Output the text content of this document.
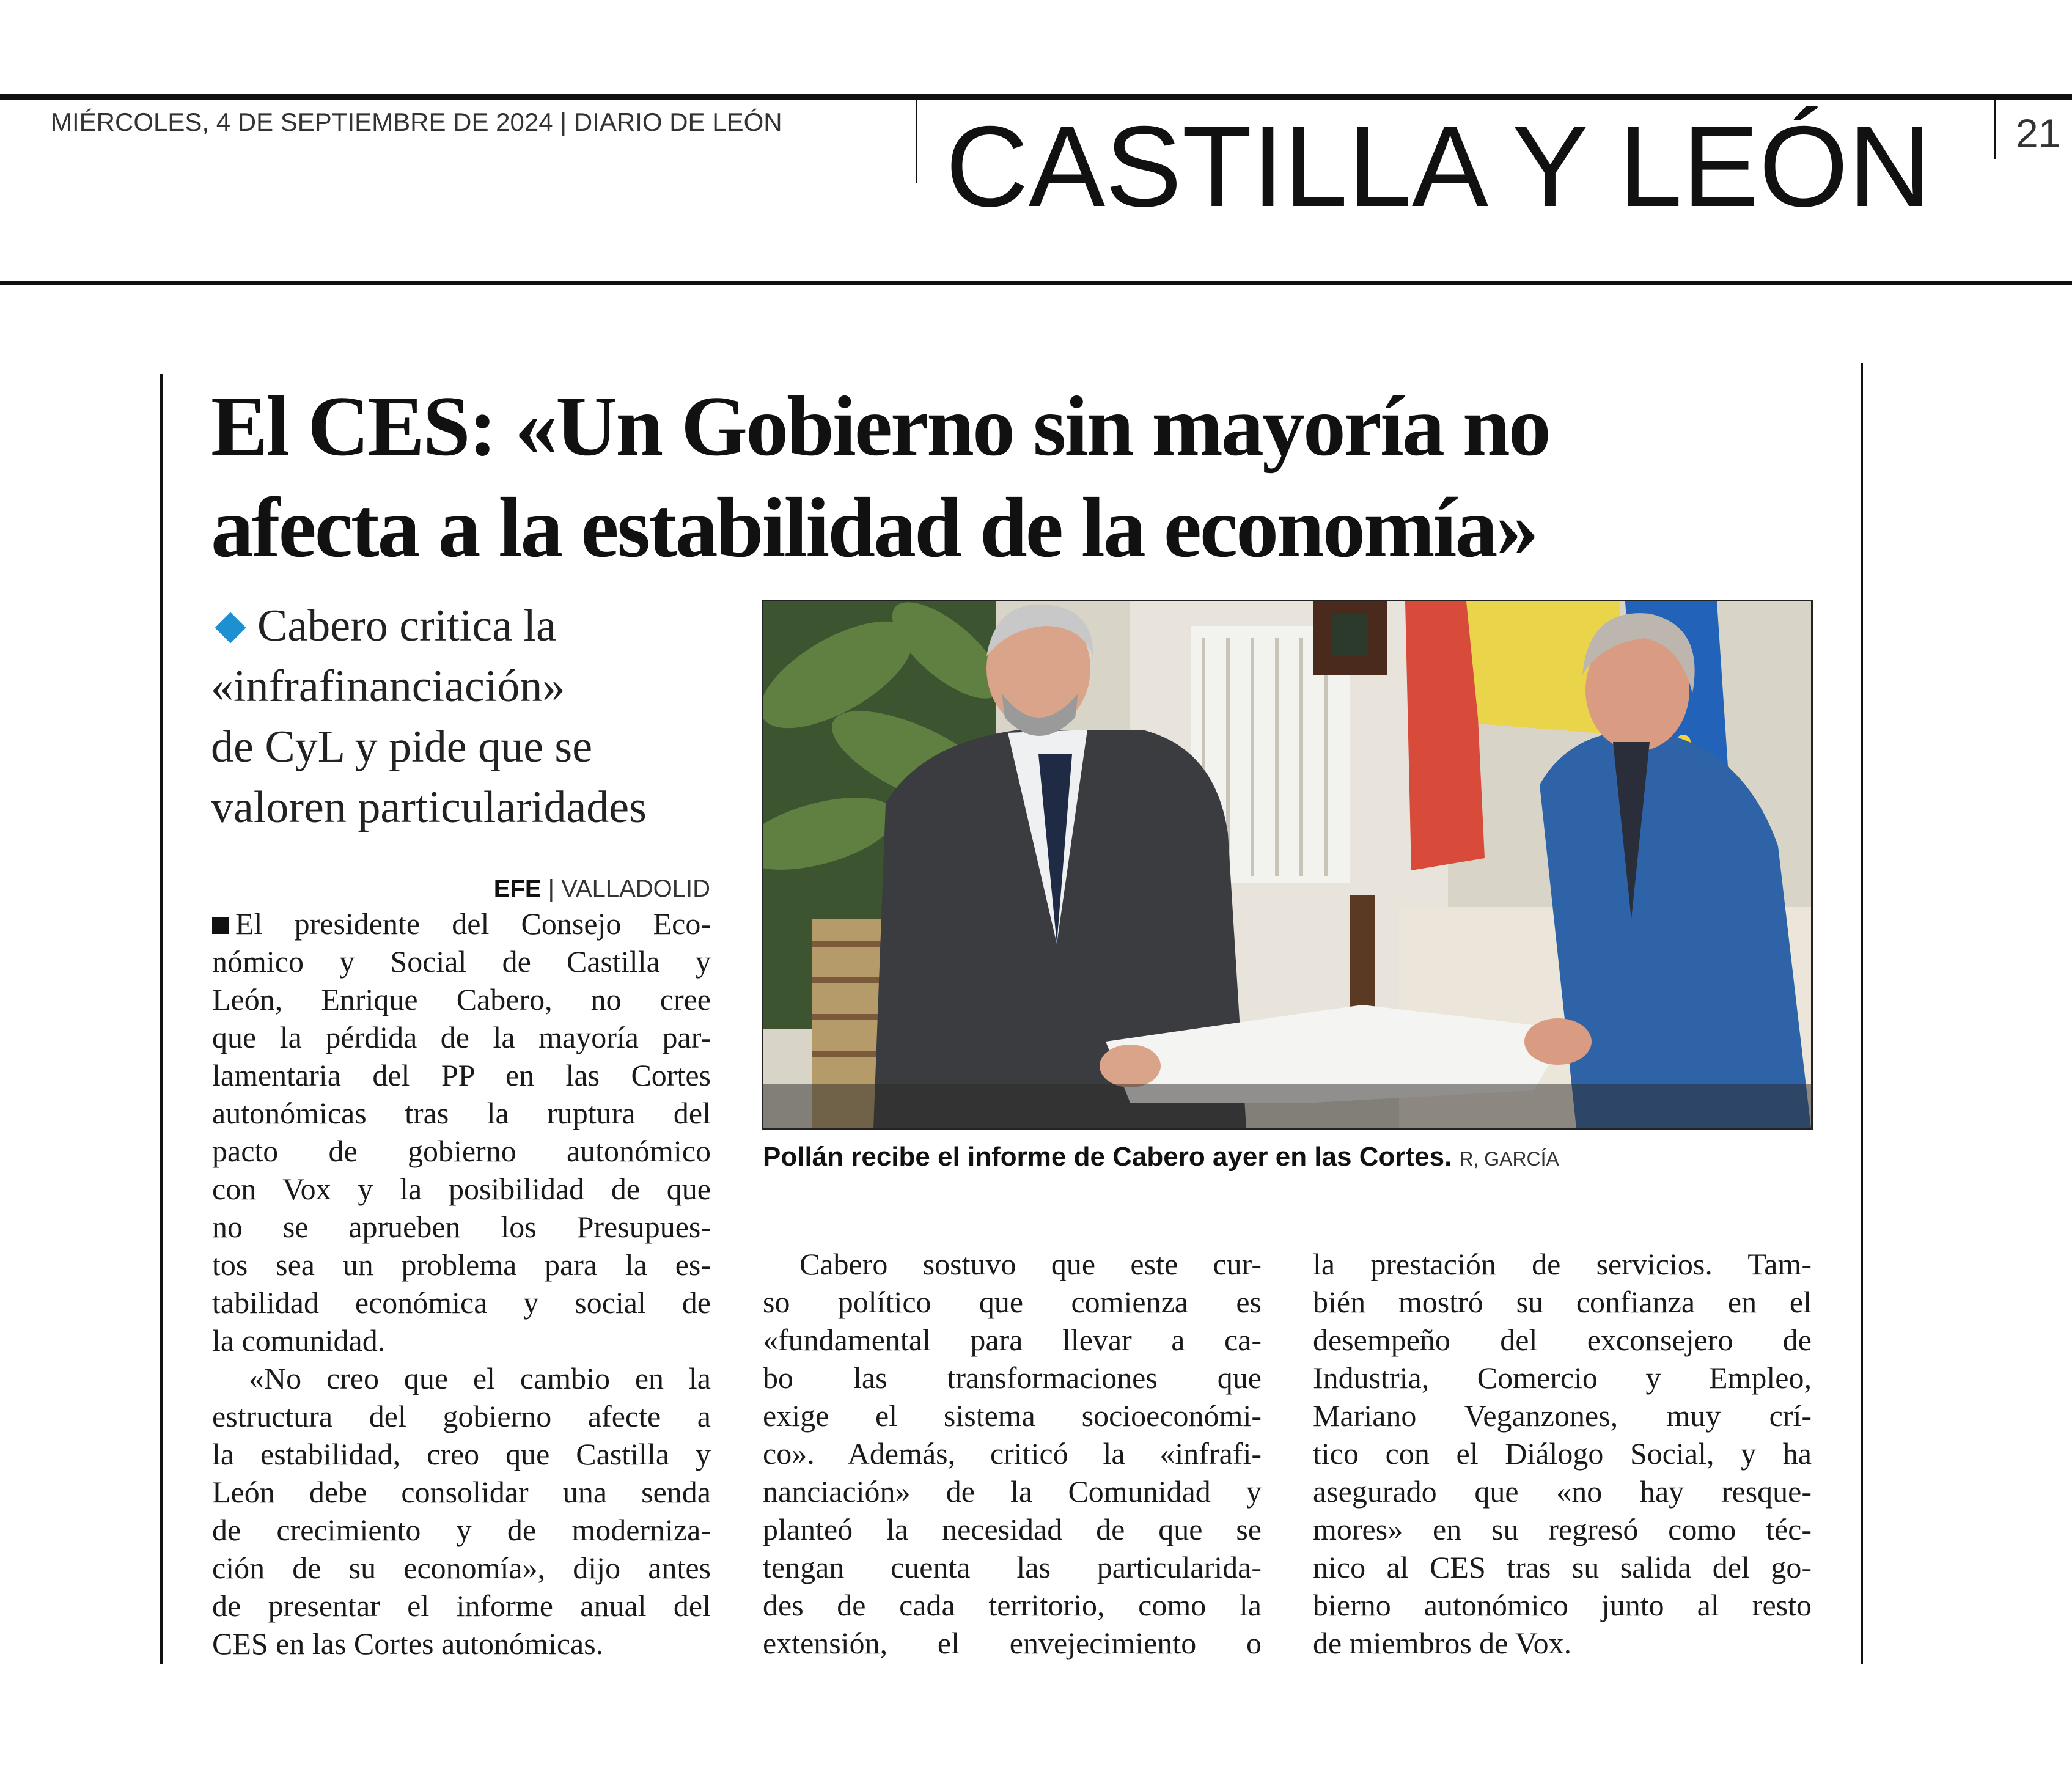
MIÉRCOLES, 4 DE SEPTIEMBRE DE 2024 | DIARIO DE LEÓN CASTILLA Y LEÓN 21
El CES: «Un Gobierno sin mayoría no
afecta a la estabilidad de la economía»
Cabero critica la
«infrafinanciación»
de CyL y pide que se
valoren particularidades
EFE | VALLADOLID
Pollán recibe el informe de Cabero ayer en las Cortes. R, GARCÍA
El presidente del Consejo Eco-
nómico y Social de Castilla y
León, Enrique Cabero, no cree
que la pérdida de la mayoría par-
lamentaria del PP en las Cortes
autonómicas tras la ruptura del
pacto de gobierno autonómico
con Vox y la posibilidad de que
no se aprueben los Presupues-
tos sea un problema para la es-
tabilidad económica y social de
la comunidad.
«No creo que el cambio en la
estructura del gobierno afecte a
la estabilidad, creo que Castilla y
León debe consolidar una senda
de crecimiento y de moderniza-
ción de su economía», dijo antes
de presentar el informe anual del
CES en las Cortes autonómicas.
Cabero sostuvo que este cur-
so político que comienza es
«fundamental para llevar a ca-
bo las transformaciones que
exige el sistema socioeconómi-
co». Además, criticó la «infrafi-
nanciación» de la Comunidad y
planteó la necesidad de que se
tengan cuenta las particularida-
des de cada territorio, como la
extensión, el envejecimiento o
la prestación de servicios. Tam-
bién mostró su confianza en el
desempeño del exconsejero de
Industria, Comercio y Empleo,
Mariano Veganzones, muy crí-
tico con el Diálogo Social, y ha
asegurado que «no hay resque-
mores» en su regresó como téc-
nico al CES tras su salida del go-
bierno autonómico junto al resto
de miembros de Vox.
